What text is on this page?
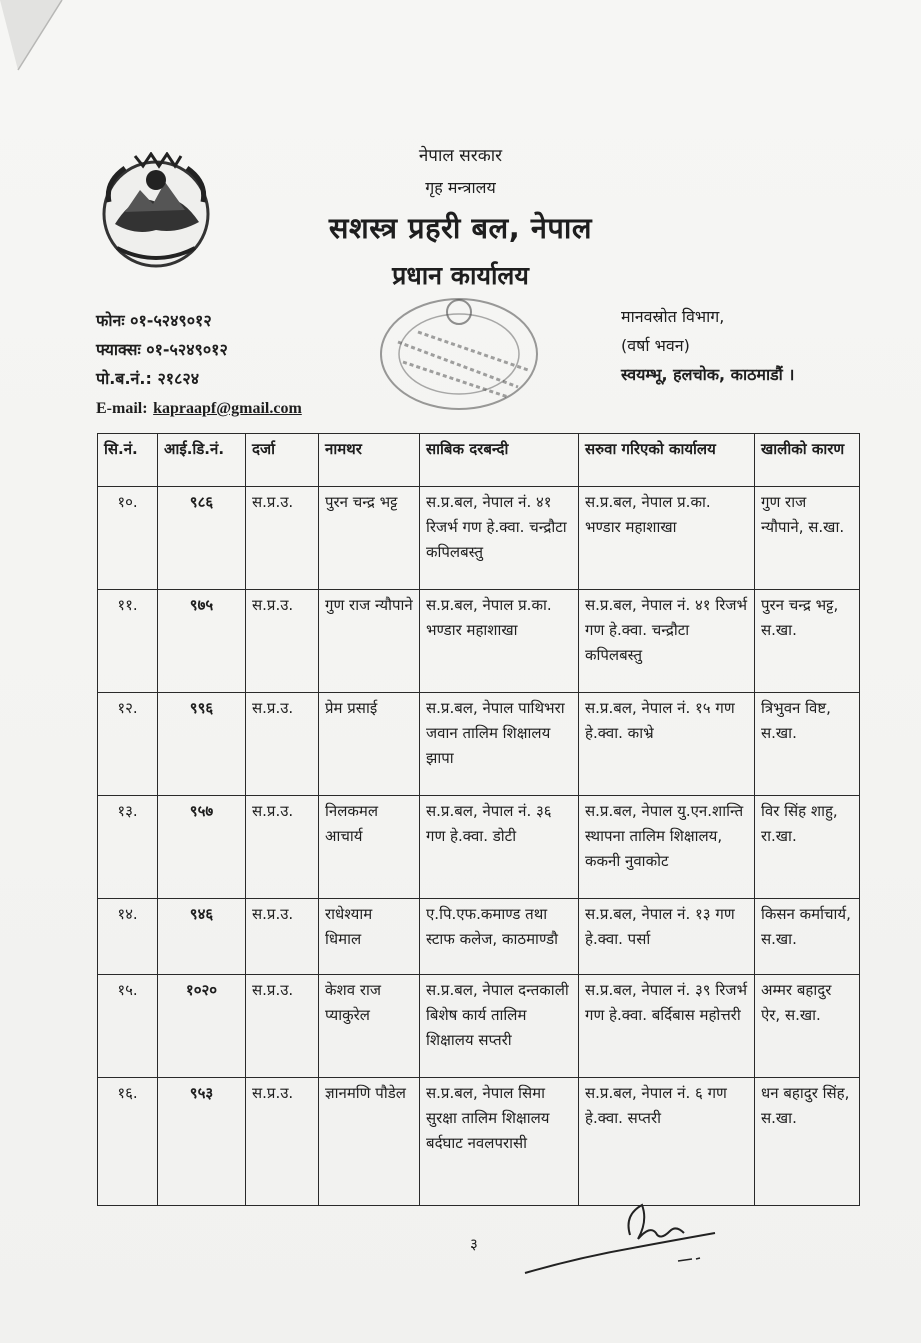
नेपाल सरकार
गृह मन्त्रालय
सशस्त्र प्रहरी बल, नेपाल
प्रधान कार्यालय
फोनः ०१-५२४९०१२
फ्याक्सः ०१-५२४९०१२
पो.ब.नं.: २१८२४
E-mail: kapraapf@gmail.com
मानवस्रोत विभाग,
(वर्षा भवन)
स्वयम्भू, हलचोक, काठमाडौं ।
सि.नं.	आई.डि.नं.	दर्जा	नामथर	साबिक दरबन्दी	सरुवा गरिएको कार्यालय	खालीको कारण
१०.	९८६	स.प्र.उ.	पुरन चन्द्र भट्ट	स.प्र.बल, नेपाल नं. ४१ रिजर्भ गण हे.क्वा. चन्द्रौटा कपिलबस्तु	स.प्र.बल, नेपाल प्र.का. भण्डार महाशाखा	गुण राज न्यौपाने, स.खा.
११.	९७५	स.प्र.उ.	गुण राज न्यौपाने	स.प्र.बल, नेपाल प्र.का. भण्डार महाशाखा	स.प्र.बल, नेपाल नं. ४१ रिजर्भ गण हे.क्वा. चन्द्रौटा कपिलबस्तु	पुरन चन्द्र भट्ट, स.खा.
१२.	९९६	स.प्र.उ.	प्रेम प्रसाई	स.प्र.बल, नेपाल पाथिभरा जवान तालिम शिक्षालय झापा	स.प्र.बल, नेपाल नं. १५ गण हे.क्वा. काभ्रे	त्रिभुवन विष्ट, स.खा.
१३.	९५७	स.प्र.उ.	निलकमल आचार्य	स.प्र.बल, नेपाल नं. ३६ गण हे.क्वा. डोटी	स.प्र.बल, नेपाल यु.एन.शान्ति स्थापना तालिम शिक्षालय, ककनी नुवाकोट	विर सिंह शाहु, रा.खा.
१४.	९४६	स.प्र.उ.	राधेश्याम धिमाल	ए.पि.एफ.कमाण्ड तथा स्टाफ कलेज, काठमाण्डौ	स.प्र.बल, नेपाल नं. १३ गण हे.क्वा. पर्सा	किसन कर्माचार्य, स.खा.
१५.	१०२०	स.प्र.उ.	केशव राज प्याकुरेल	स.प्र.बल, नेपाल दन्तकाली बिशेष कार्य तालिम शिक्षालय सप्तरी	स.प्र.बल, नेपाल नं. ३९ रिजर्भ गण हे.क्वा. बर्दिबास महोत्तरी	अम्मर बहादुर ऐर, स.खा.
१६.	९५३	स.प्र.उ.	ज्ञानमणि पौडेल	स.प्र.बल, नेपाल सिमा सुरक्षा तालिम शिक्षालय बर्दघाट नवलपरासी	स.प्र.बल, नेपाल नं. ६ गण हे.क्वा. सप्तरी	धन बहादुर सिंह, स.खा.
३
